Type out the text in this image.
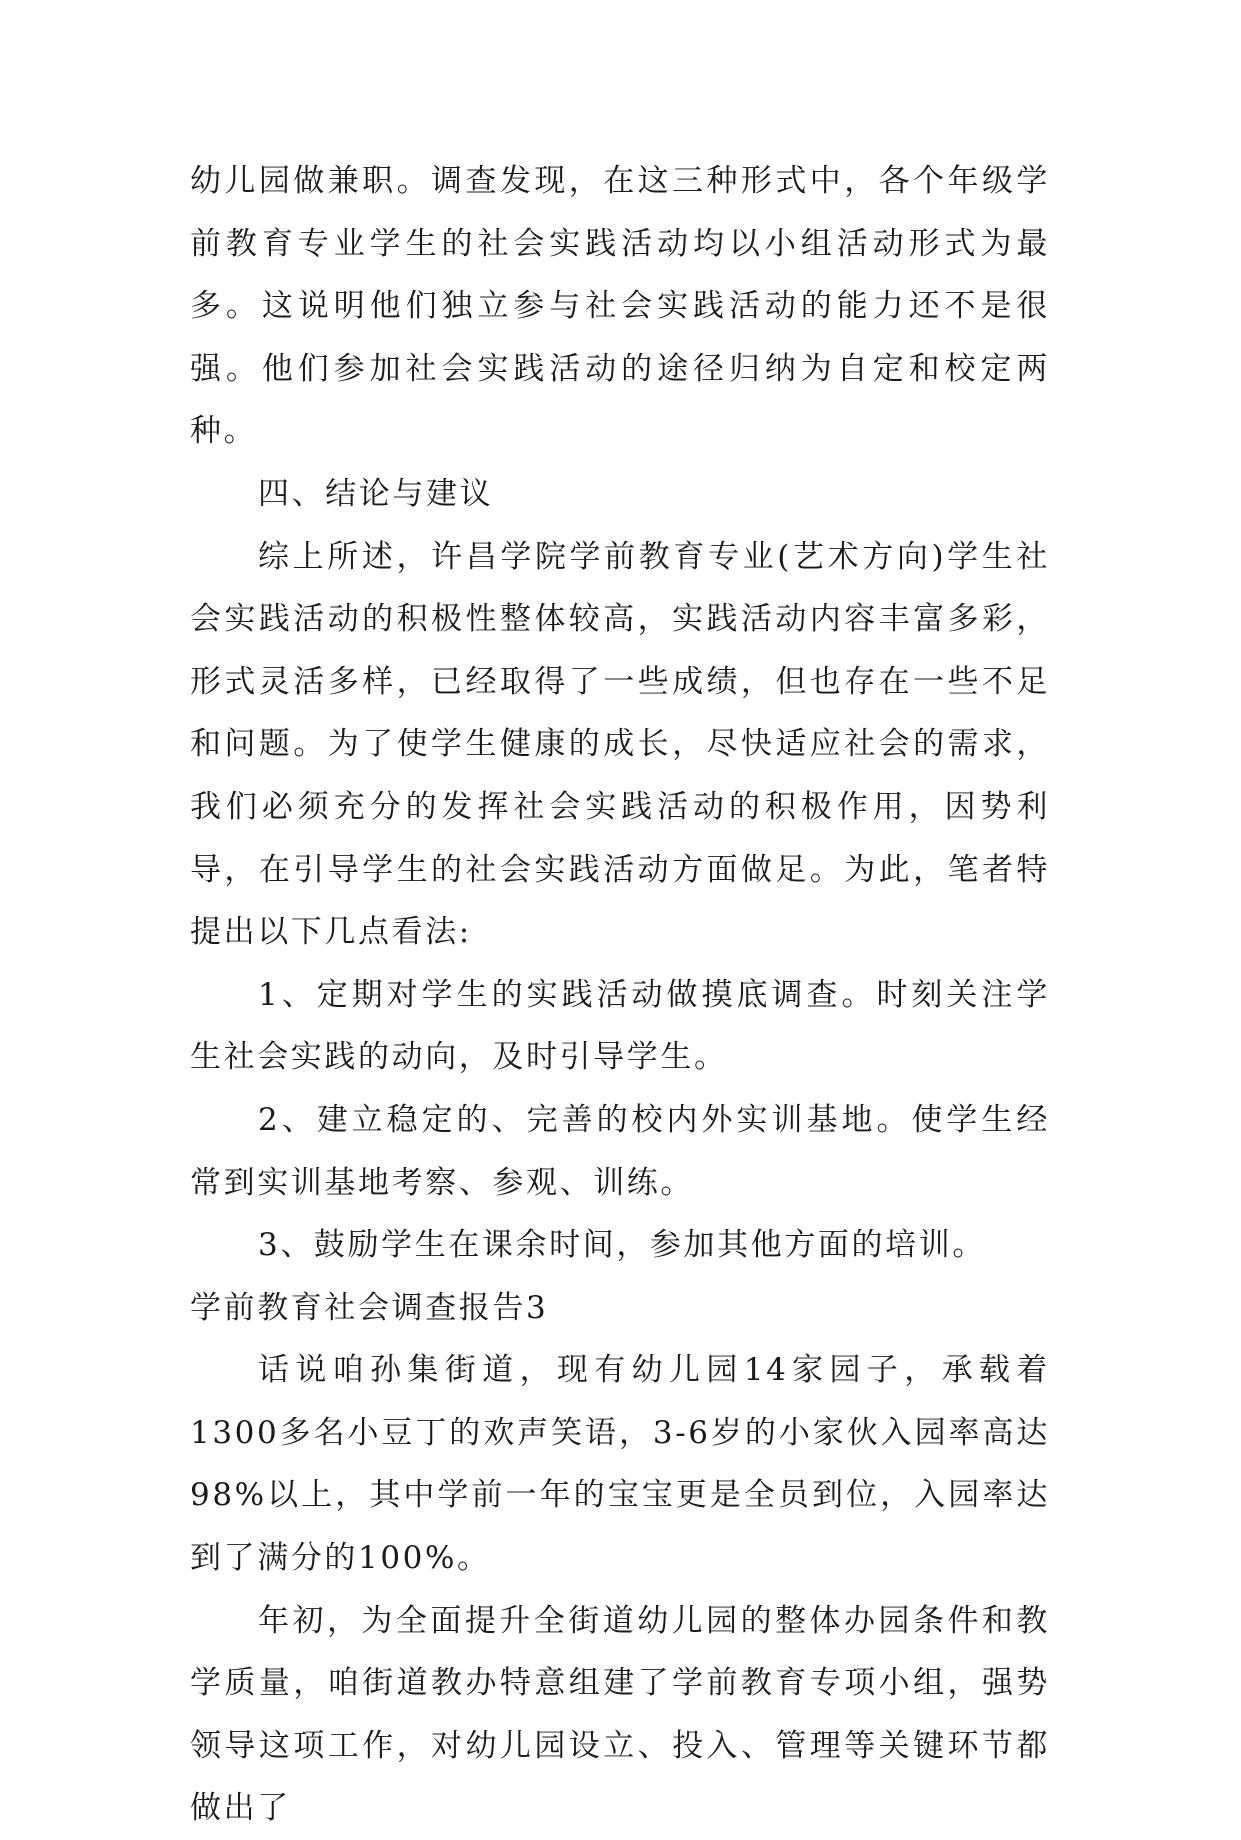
幼儿园做兼职。调查发现，在这三种形式中，各个年级学前教育专业学生的社会实践活动均以小组活动形式为最多。这说明他们独立参与社会实践活动的能力还不是很强。他们参加社会实践活动的途径归纳为自定和校定两种。

四、结论与建议

综上所述，许昌学院学前教育专业(艺术方向)学生社会实践活动的积极性整体较高，实践活动内容丰富多彩，形式灵活多样，已经取得了一些成绩，但也存在一些不足和问题。为了使学生健康的成长，尽快适应社会的需求，我们必须充分的发挥社会实践活动的积极作用，因势利导，在引导学生的社会实践活动方面做足。为此，笔者特提出以下几点看法:

1、定期对学生的实践活动做摸底调查。时刻关注学生社会实践的动向，及时引导学生。

2、建立稳定的、完善的校内外实训基地。使学生经常到实训基地考察、参观、训练。

3、鼓励学生在课余时间，参加其他方面的培训。

学前教育社会调查报告3

话说咱孙集街道，现有幼儿园14家园子，承载着1300多名小豆丁的欢声笑语，3-6岁的小家伙入园率高达98%以上，其中学前一年的宝宝更是全员到位，入园率达到了满分的100%。

年初，为全面提升全街道幼儿园的整体办园条件和教学质量，咱街道教办特意组建了学前教育专项小组，强势领导这项工作，对幼儿园设立、投入、管理等关键环节都做出了
